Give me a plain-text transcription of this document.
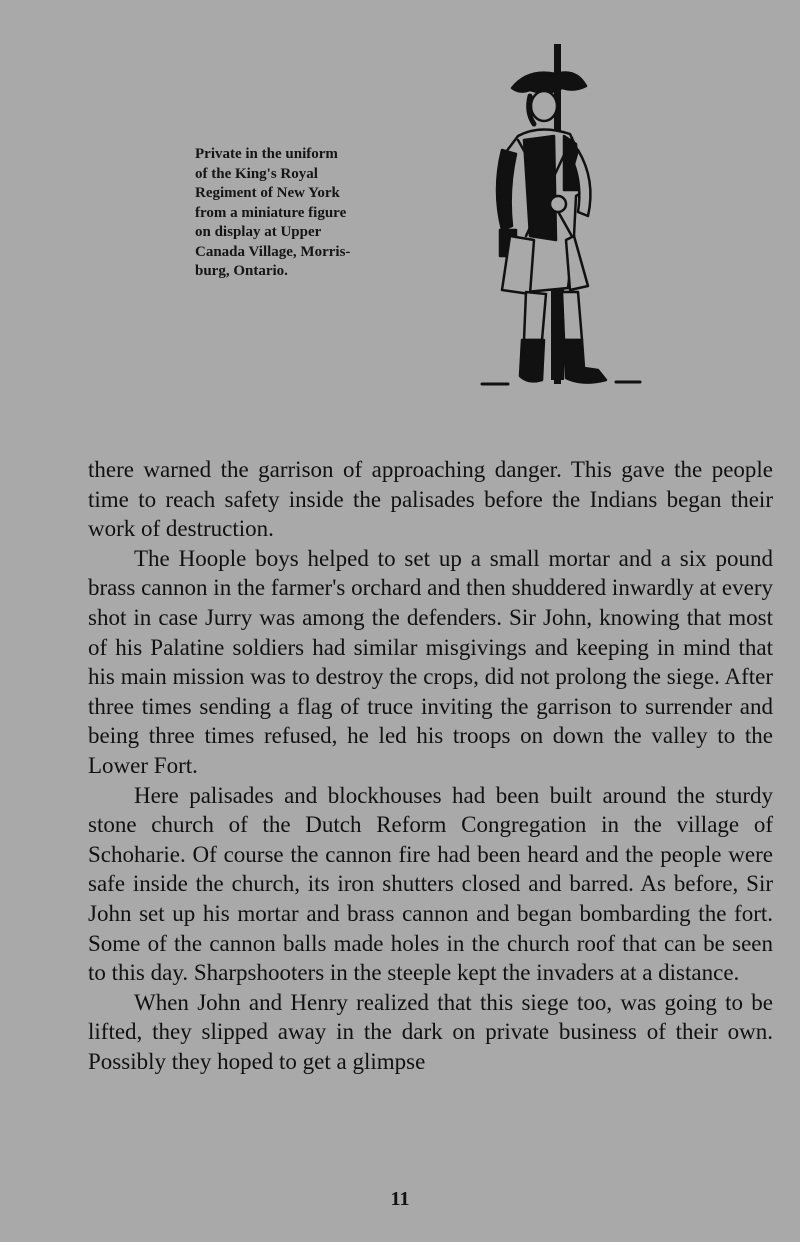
Private in the uniform
of the King's Royal
Regiment of New York
from a miniature figure
on display at Upper
Canada Village, Morris-
burg, Ontario.

there warned the garrison of approaching danger. This gave the people time to reach safety inside the palisades before the Indians began their work of destruction.

The Hoople boys helped to set up a small mortar and a six pound brass cannon in the farmer's orchard and then shuddered inwardly at every shot in case Jurry was among the defenders. Sir John, knowing that most of his Palatine soldiers had similar misgivings and keeping in mind that his main mission was to destroy the crops, did not prolong the siege. After three times sending a flag of truce inviting the garrison to surrender and being three times refused, he led his troops on down the valley to the Lower Fort.

Here palisades and blockhouses had been built around the sturdy stone church of the Dutch Reform Congregation in the village of Schoharie. Of course the cannon fire had been heard and the people were safe inside the church, its iron shutters closed and barred. As before, Sir John set up his mortar and brass cannon and began bombarding the fort. Some of the cannon balls made holes in the church roof that can be seen to this day. Sharpshooters in the steeple kept the invaders at a distance.

When John and Henry realized that this siege too, was going to be lifted, they slipped away in the dark on private business of their own. Possibly they hoped to get a glimpse

11
